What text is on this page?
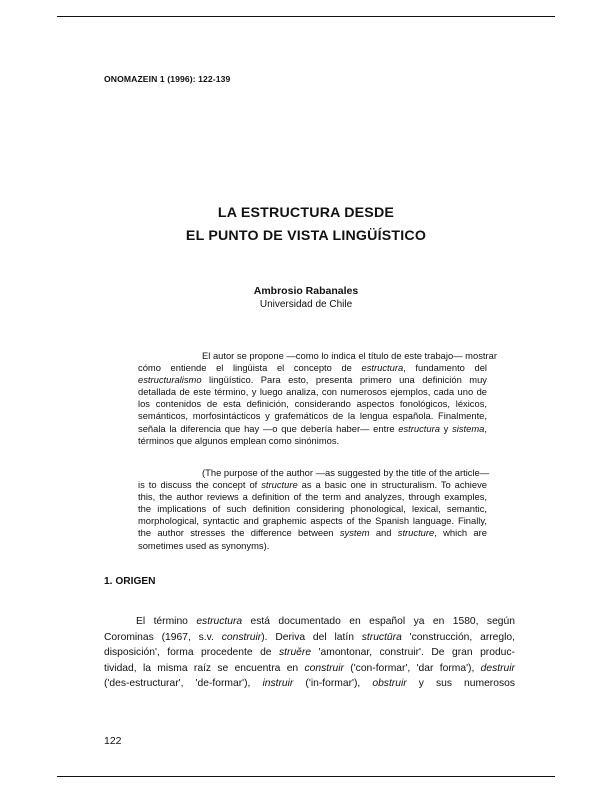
ONOMAZEIN 1 (1996): 122-139
LA ESTRUCTURA DESDE
EL PUNTO DE VISTA LINGÜÍSTICO
Ambrosio Rabanales
Universidad de Chile
El autor se propone —como lo indica el título de este trabajo— mostrar
cómo entiende el lingüista el concepto de estructura, fundamento del
estructuralismo lingüístico. Para esto, presenta primero una definición muy
detallada de este término, y luego analiza, con numerosos ejemplos, cada uno de
los contenidos de esta definición, considerando aspectos fonológicos, léxicos,
semánticos, morfosintácticos y grafemáticos de la lengua española. Finalmente,
señala la diferencia que hay —o que debería haber— entre estructura y sistema,
términos que algunos emplean como sinónimos.
(The purpose of the author —as suggested by the title of the article—
is to discuss the concept of structure as a basic one in structuralism. To achieve
this, the author reviews a definition of the term and analyzes, through examples,
the implications of such definition considering phonological, lexical, semantic,
morphological, syntactic and graphemic aspects of the Spanish language. Finally,
the author stresses the difference between system and structure, which are
sometimes used as synonyms).
1. ORIGEN
El término estructura está documentado en español ya en 1580, según
Corominas (1967, s.v. construir). Deriva del latín structūra 'construcción, arreglo,
disposición', forma procedente de struĕre 'amontonar, construir'. De gran produc-
tividad, la misma raíz se encuentra en construir ('con-formar', 'dar forma'), destruir
('des-estructurar', 'de-formar'), instruir ('in-formar'), obstruir y sus numerosos
122
